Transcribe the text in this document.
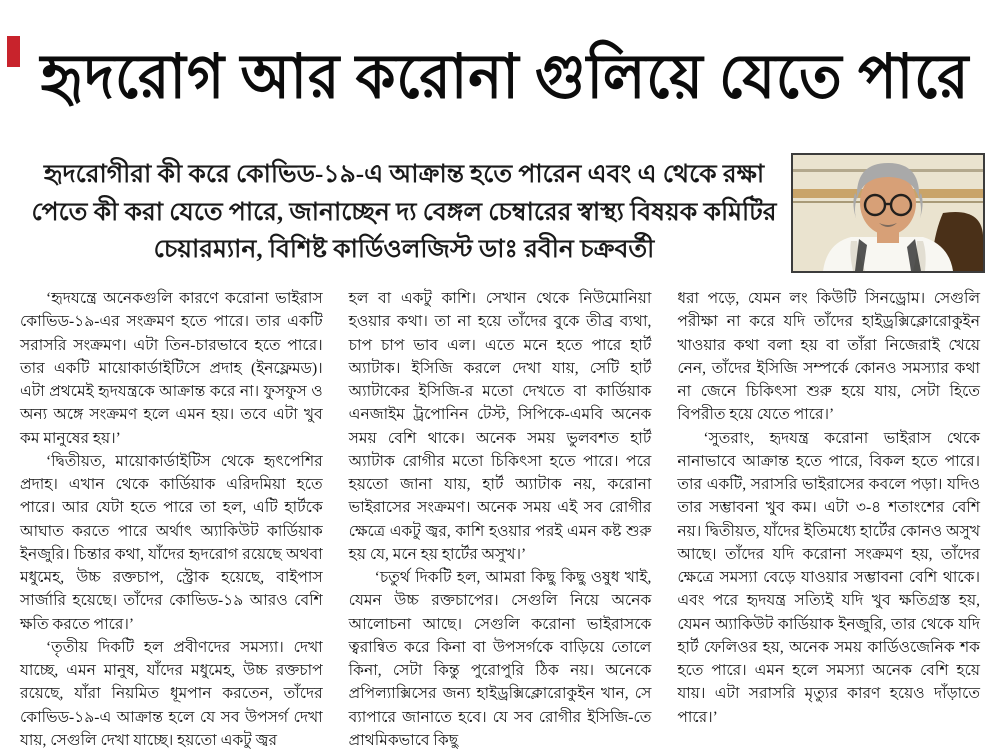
হৃদরোগ আর করোনা গুলিয়ে যেতে পারে
হৃদরোগীরা কী করে কোভিড-১৯-এ আক্রান্ত হতে পারেন এবং এ থেকে রক্ষা পেতে কী করা যেতে পারে, জানাচ্ছেন দ্য বেঙ্গল চেম্বারের স্বাস্থ্য বিষয়ক কমিটির চেয়ারম্যান, বিশিষ্ট কার্ডিওলজিস্ট ডাঃ রবীন চক্রবর্তী

‘হৃদযন্ত্রে অনেকগুলি কারণে করোনা ভাইরাস কোভিড-১৯-এর সংক্রমণ হতে পারে। তার একটি সরাসরি সংক্রমণ। এটা তিন-চারভাবে হতে পারে। তার একটি মায়োকার্ডাইটিসে প্রদাহ (ইনফ্লেমড)। এটা প্রথমেই হৃদযন্ত্রকে আক্রান্ত করে না। ফুসফুস ও অন্য অঙ্গে সংক্রমণ হলে এমন হয়। তবে এটা খুব কম মানুষের হয়।’

‘দ্বিতীয়ত, মায়োকার্ডাইটিস থেকে হৃৎপেশির প্রদাহ। এখান থেকে কার্ডিয়াক এরিদমিয়া হতে পারে। আর যেটা হতে পারে তা হল, এটি হার্টকে আঘাত করতে পারে অর্থাৎ অ্যাকিউট কার্ডিয়াক ইনজুরি। চিন্তার কথা, যাঁদের হৃদরোগ রয়েছে অথবা মধুমেহ, উচ্চ রক্তচাপ, স্ট্রোক হয়েছে, বাইপাস সার্জারি হয়েছে। তাঁদের কোভিড-১৯ আরও বেশি ক্ষতি করতে পারে।’

‘তৃতীয় দিকটি হল প্রবীণদের সমস্যা। দেখা যাচ্ছে, এমন মানুষ, যাঁদের মধুমেহ, উচ্চ রক্তচাপ রয়েছে, যাঁরা নিয়মিত ধূমপান করতেন, তাঁদের কোভিড-১৯-এ আক্রান্ত হলে যে সব উপসর্গ দেখা যায়, সেগুলি দেখা যাচ্ছে। হয়তো একটু জ্বর

হল বা একটু কাশি। সেখান থেকে নিউমোনিয়া হওয়ার কথা। তা না হয়ে তাঁদের বুকে তীব্র ব্যথা, চাপ চাপ ভাব এল। এতে মনে হতে পারে হার্ট অ্যাটাক। ইসিজি করলে দেখা যায়, সেটি হার্ট অ্যাটাকের ইসিজি-র মতো দেখতে বা কার্ডিয়াক এনজাইম ট্রপোনিন টেস্ট, সিপিকে-এমবি অনেক সময় বেশি থাকে। অনেক সময় ভুলবশত হার্ট অ্যাটাক রোগীর মতো চিকিৎসা হতে পারে। পরে হয়তো জানা যায়, হার্ট অ্যাটাক নয়, করোনা ভাইরাসের সংক্রমণ। অনেক সময় এই সব রোগীর ক্ষেত্রে একটু জ্বর, কাশি হওয়ার পরই এমন কষ্ট শুরু হয় যে, মনে হয় হার্টের অসুখ।’

‘চতুর্থ দিকটি হল, আমরা কিছু কিছু ওষুধ খাই, যেমন উচ্চ রক্তচাপের। সেগুলি নিয়ে অনেক আলোচনা আছে। সেগুলি করোনা ভাইরাসকে ত্বরান্বিত করে কিনা বা উপসর্গকে বাড়িয়ে তোলে কিনা, সেটা কিন্তু পুরোপুরি ঠিক নয়। অনেকে প্রপিল্যাক্সিসের জন্য হাইড্রক্সিক্লোরোকুইন খান, সে ব্যাপারে জানাতে হবে। যে সব রোগীর ইসিজি-তে প্রাথমিকভাবে কিছু

ধরা পড়ে, যেমন লং কিউটি সিনড্রোম। সেগুলি পরীক্ষা না করে যদি তাঁদের হাইড্রক্সিক্লোরোকুইন খাওয়ার কথা বলা হয় বা তাঁরা নিজেরাই খেয়ে নেন, তাঁদের ইসিজি সম্পর্কে কোনও সমস্যার কথা না জেনে চিকিৎসা শুরু হয়ে যায়, সেটা হিতে বিপরীত হয়ে যেতে পারে।’

‘সুতরাং, হৃদযন্ত্র করোনা ভাইরাস থেকে নানাভাবে আক্রান্ত হতে পারে, বিকল হতে পারে। তার একটি, সরাসরি ভাইরাসের কবলে পড়া। যদিও তার সম্ভাবনা খুব কম। এটা ৩-৪ শতাংশের বেশি নয়। দ্বিতীয়ত, যাঁদের ইতিমধ্যে হার্টের কোনও অসুখ আছে। তাঁদের যদি করোনা সংক্রমণ হয়, তাঁদের ক্ষেত্রে সমস্যা বেড়ে যাওয়ার সম্ভাবনা বেশি থাকে। এবং পরে হৃদযন্ত্র সত্যিই যদি খুব ক্ষতিগ্রস্ত হয়, যেমন অ্যাকিউট কার্ডিয়াক ইনজুরি, তার থেকে যদি হার্ট ফেলিওর হয়, অনেক সময় কার্ডিওজেনিক শক হতে পারে। এমন হলে সমস্যা অনেক বেশি হয়ে যায়। এটা সরাসরি মৃত্যুর কারণ হয়েও দাঁড়াতে পারে।’
